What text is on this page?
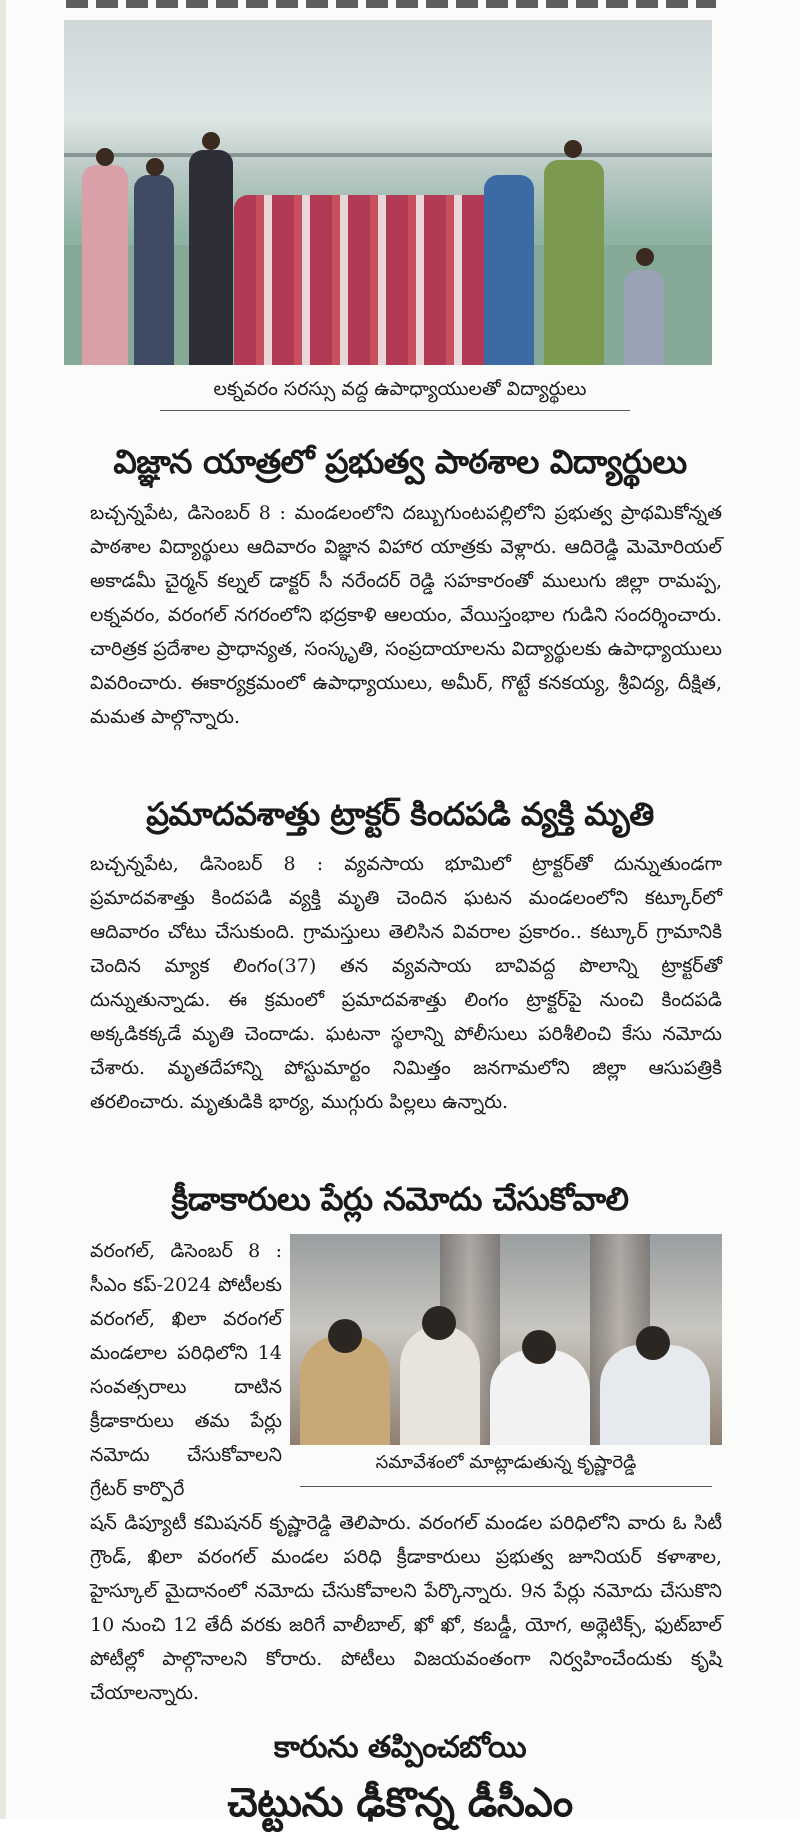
లక్నవరం సరస్సు వద్ద ఉపాధ్యాయులతో విద్యార్థులు
విజ్ఞాన యాత్రలో ప్రభుత్వ పాఠశాల విద్యార్థులు
బచ్చన్నపేట, డిసెంబర్ 8 : మండలంలోని దబ్బుగుంటపల్లిలోని ప్రభుత్వ ప్రాథమికోన్నత పాఠశాల విద్యార్థులు ఆదివారం విజ్ఞాన విహార యాత్రకు వెళ్లారు. ఆదిరెడ్డి మెమోరియల్ అకాడమీ చైర్మన్ కల్నల్ డాక్టర్ సీ నరేందర్ రెడ్డి సహకారంతో ములుగు జిల్లా రామప్ప, లక్నవరం, వరంగల్ నగరంలోని భద్రకాళి ఆలయం, వేయిస్తంభాల గుడిని సందర్శించారు. చారిత్రక ప్రదేశాల ప్రాధాన్యత, సంస్కృతి, సంప్రదాయాలను విద్యార్థులకు ఉపాధ్యాయులు వివరించారు. ఈకార్యక్రమంలో ఉపాధ్యాయులు, అమీర్, గొట్టే కనకయ్య, శ్రీవిద్య, దీక్షిత, మమత పాల్గొన్నారు.
ప్రమాదవశాత్తు ట్రాక్టర్ కిందపడి వ్యక్తి మృతి
బచ్చన్నపేట, డిసెంబర్ 8 : వ్యవసాయ భూమిలో ట్రాక్టర్‌తో దున్నుతుండగా ప్రమాదవశాత్తు కిందపడి వ్యక్తి మృతి చెందిన ఘటన మండలంలోని కట్కూర్‌లో ఆదివారం చోటు చేసుకుంది. గ్రామస్తులు తెలిసిన వివరాల ప్రకారం.. కట్కూర్ గ్రామానికి చెందిన మ్యాక లింగం(37) తన వ్యవసాయ బావివద్ద పొలాన్ని ట్రాక్టర్‌తో దున్నుతున్నాడు. ఈ క్రమంలో ప్రమాదవశాత్తు లింగం ట్రాక్టర్‌పై నుంచి కిందపడి అక్కడికక్కడే మృతి చెందాడు. ఘటనా స్థలాన్ని పోలీసులు పరిశీలించి కేసు నమోదు చేశారు. మృతదేహాన్ని పోస్టుమార్టం నిమిత్తం జనగామలోని జిల్లా ఆసుపత్రికి తరలించారు. మృతుడికి భార్య, ముగ్గురు పిల్లలు ఉన్నారు.
క్రీడాకారులు పేర్లు నమోదు చేసుకోవాలి
వరంగల్, డిసెంబర్ 8 : సీఎం కప్-2024 పోటీలకు వరంగల్, ఖిలా వరంగల్ మండలాల పరిధిలోని 14 సంవత్సరాలు దాటిన క్రీడాకారులు తమ పేర్లు నమోదు చేసుకోవాలని గ్రేటర్ కార్పొరే
సమావేశంలో మాట్లాడుతున్న కృష్ణారెడ్డి
షన్ డిప్యూటీ కమిషనర్ కృష్ణారెడ్డి తెలిపారు. వరంగల్ మండల పరిధిలోని వారు ఓ సిటీ గ్రౌండ్, ఖిలా వరంగల్ మండల పరిధి క్రీడాకారులు ప్రభుత్వ జూనియర్ కళాశాల, హైస్కూల్ మైదానంలో నమోదు చేసుకోవాలని పేర్కొన్నారు. 9న పేర్లు నమోదు చేసుకొని 10 నుంచి 12 తేదీ వరకు జరిగే వాలీబాల్, ఖో ఖో, కబడ్డీ, యోగ, అథ్లెటిక్స్, ఫుట్‌బాల్ పోటీల్లో పాల్గొనాలని కోరారు. పోటీలు విజయవంతంగా నిర్వహించేందుకు కృషి చేయాలన్నారు.
కారును తప్పించబోయి
చెట్టును ఢీకొన్న డీసీఎం
